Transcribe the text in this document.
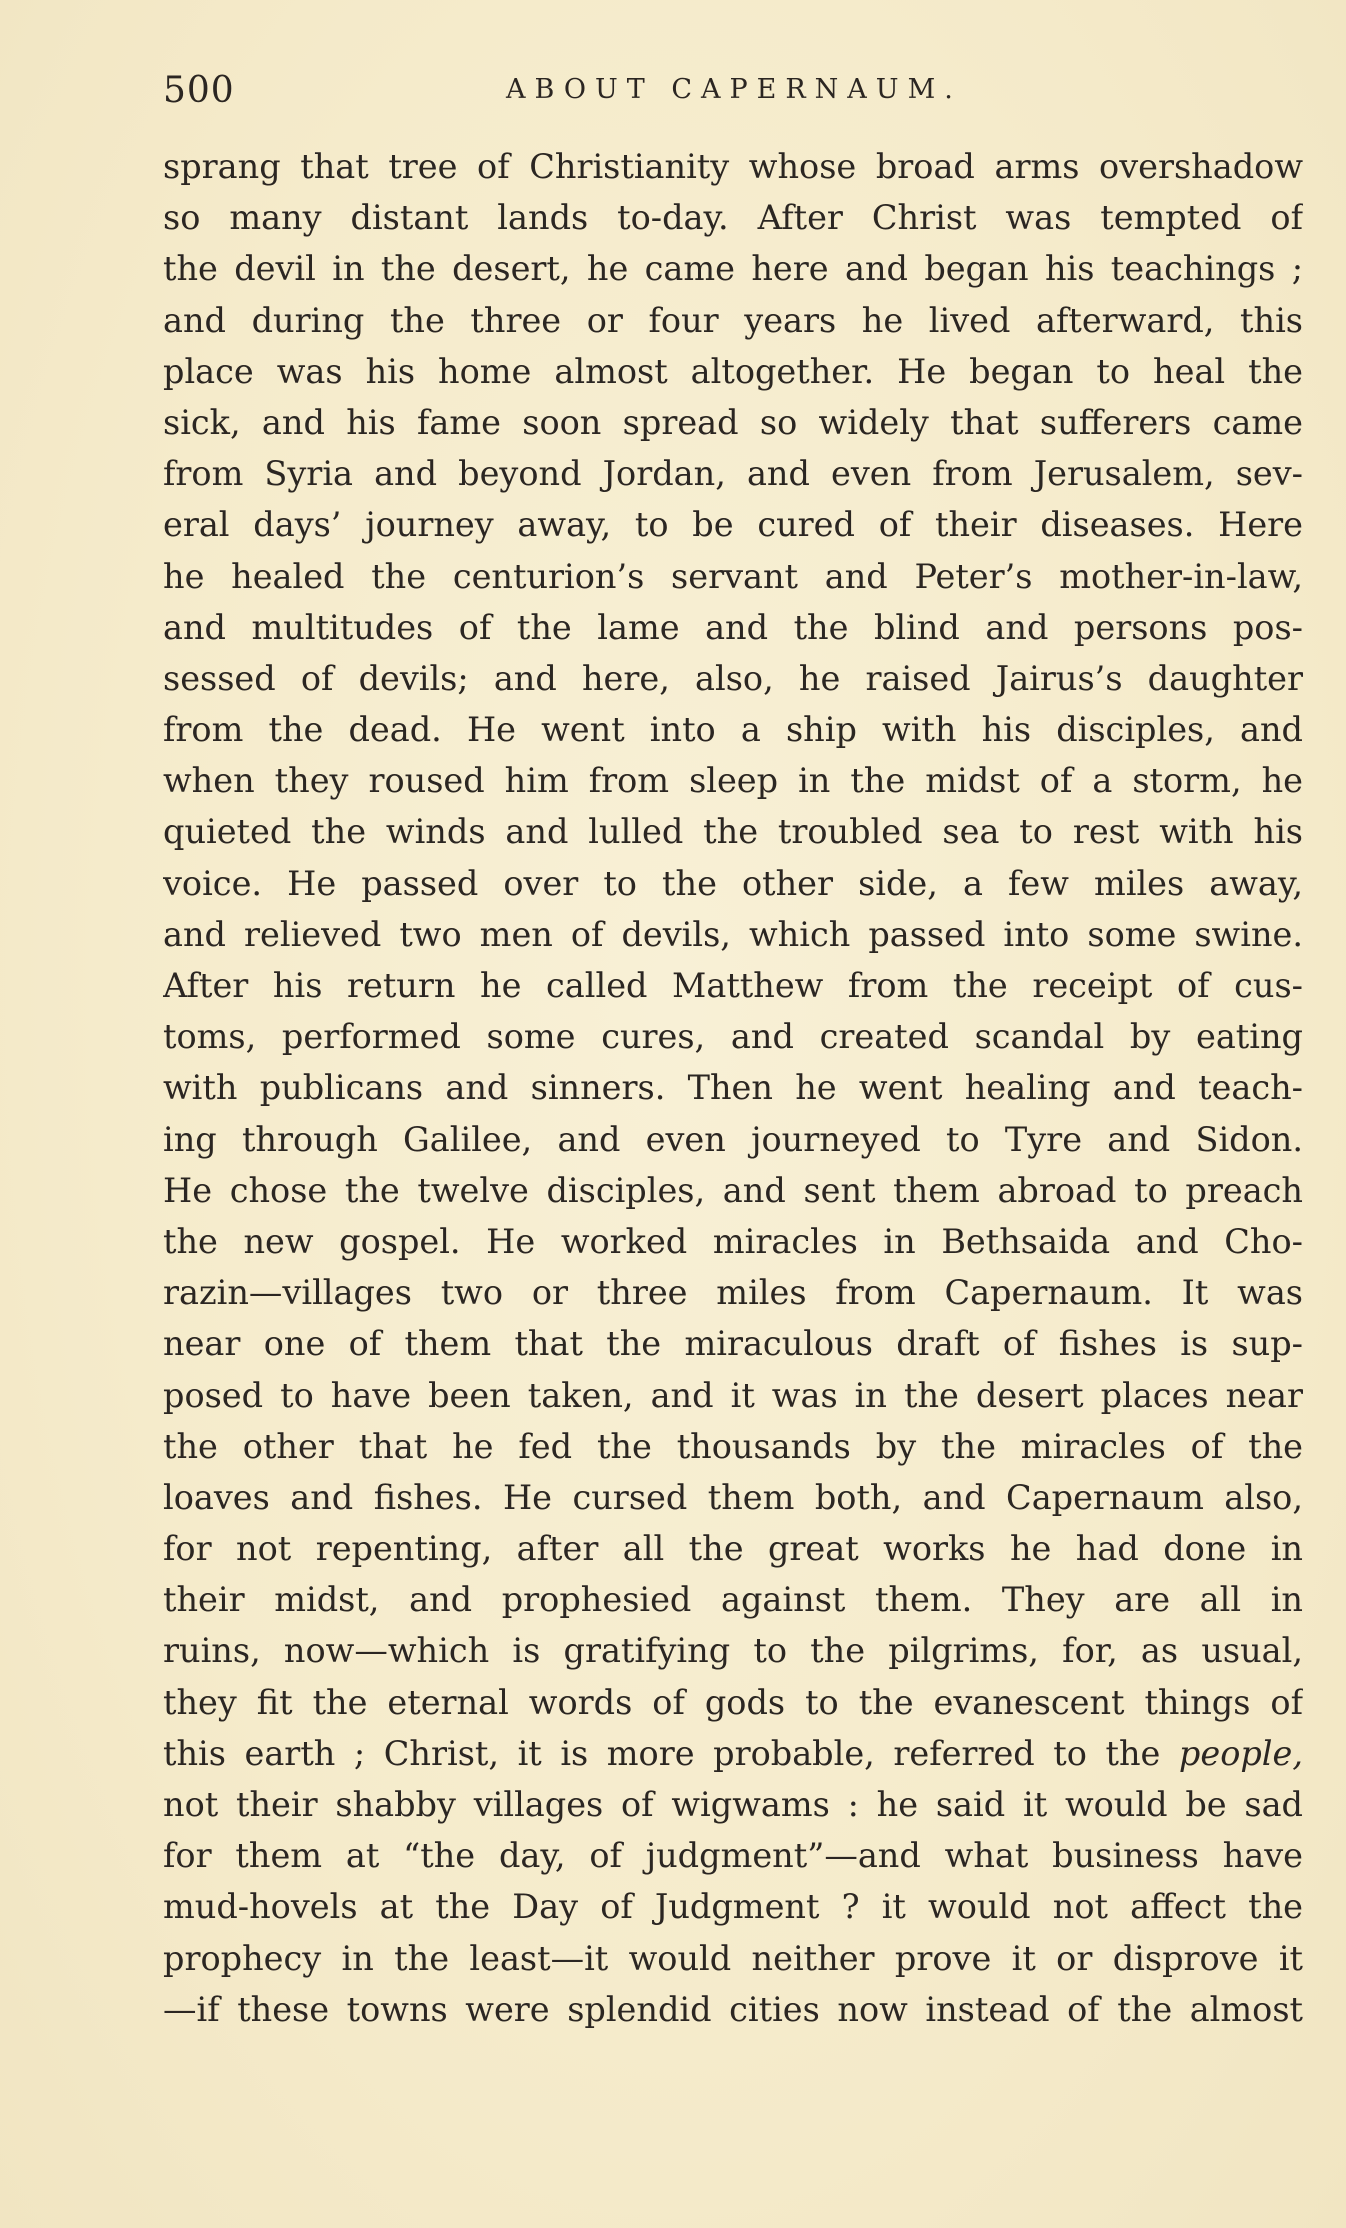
500	ABOUT CAPERNAUM.
sprang that tree of Christianity whose broad arms overshadow
so many distant lands to-day. After Christ was tempted of
the devil in the desert, he came here and began his teachings ;
and during the three or four years he lived afterward, this
place was his home almost altogether. He began to heal the
sick, and his fame soon spread so widely that sufferers came
from Syria and beyond Jordan, and even from Jerusalem, sev-
eral days’ journey away, to be cured of their diseases. Here
he healed the centurion’s servant and Peter’s mother-in-law,
and multitudes of the lame and the blind and persons pos-
sessed of devils; and here, also, he raised Jairus’s daughter
from the dead. He went into a ship with his disciples, and
when they roused him from sleep in the midst of a storm, he
quieted the winds and lulled the troubled sea to rest with his
voice. He passed over to the other side, a few miles away,
and relieved two men of devils, which passed into some swine.
After his return he called Matthew from the receipt of cus-
toms, performed some cures, and created scandal by eating
with publicans and sinners. Then he went healing and teach-
ing through Galilee, and even journeyed to Tyre and Sidon.
He chose the twelve disciples, and sent them abroad to preach
the new gospel. He worked miracles in Bethsaida and Cho-
razin—villages two or three miles from Capernaum. It was
near one of them that the miraculous draft of fishes is sup-
posed to have been taken, and it was in the desert places near
the other that he fed the thousands by the miracles of the
loaves and fishes. He cursed them both, and Capernaum also,
for not repenting, after all the great works he had done in
their midst, and prophesied against them. They are all in
ruins, now—which is gratifying to the pilgrims, for, as usual,
they fit the eternal words of gods to the evanescent things of
this earth ; Christ, it is more probable, referred to the people,
not their shabby villages of wigwams : he said it would be sad
for them at “the day, of judgment”—and what business have
mud-hovels at the Day of Judgment ? it would not affect the
prophecy in the least—it would neither prove it or disprove it
—if these towns were splendid cities now instead of the almost
